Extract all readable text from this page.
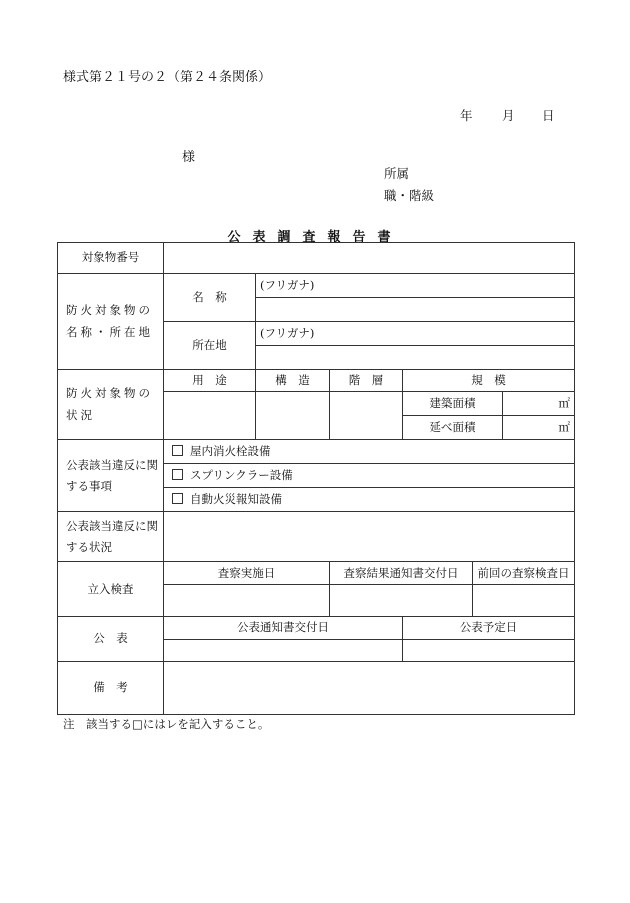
様式第２１号の２（第２４条関係）
年 月 日
様
所属
職・階級
公表調査報告書
対象物番号						
防火対象物の名称・所在地	名　称	(フリガナ)				

	所在地	(フリガナ)				

防火対象物の状況	用　途	構　造	階　層	規　模		
				建築面積		㎡
				延べ面積		㎡
公表該当違反に関する事項	屋内消火栓設備					
	スプリンクラー設備					
	自動火災報知設備					
公表該当違反に関する状況						
立入検査	査察実施日		査察結果通知書交付日		前回の査察検査日	

公　表	公表通知書交付日			公表予定日		

備　考						
注　該当する□にはレを記入すること。
